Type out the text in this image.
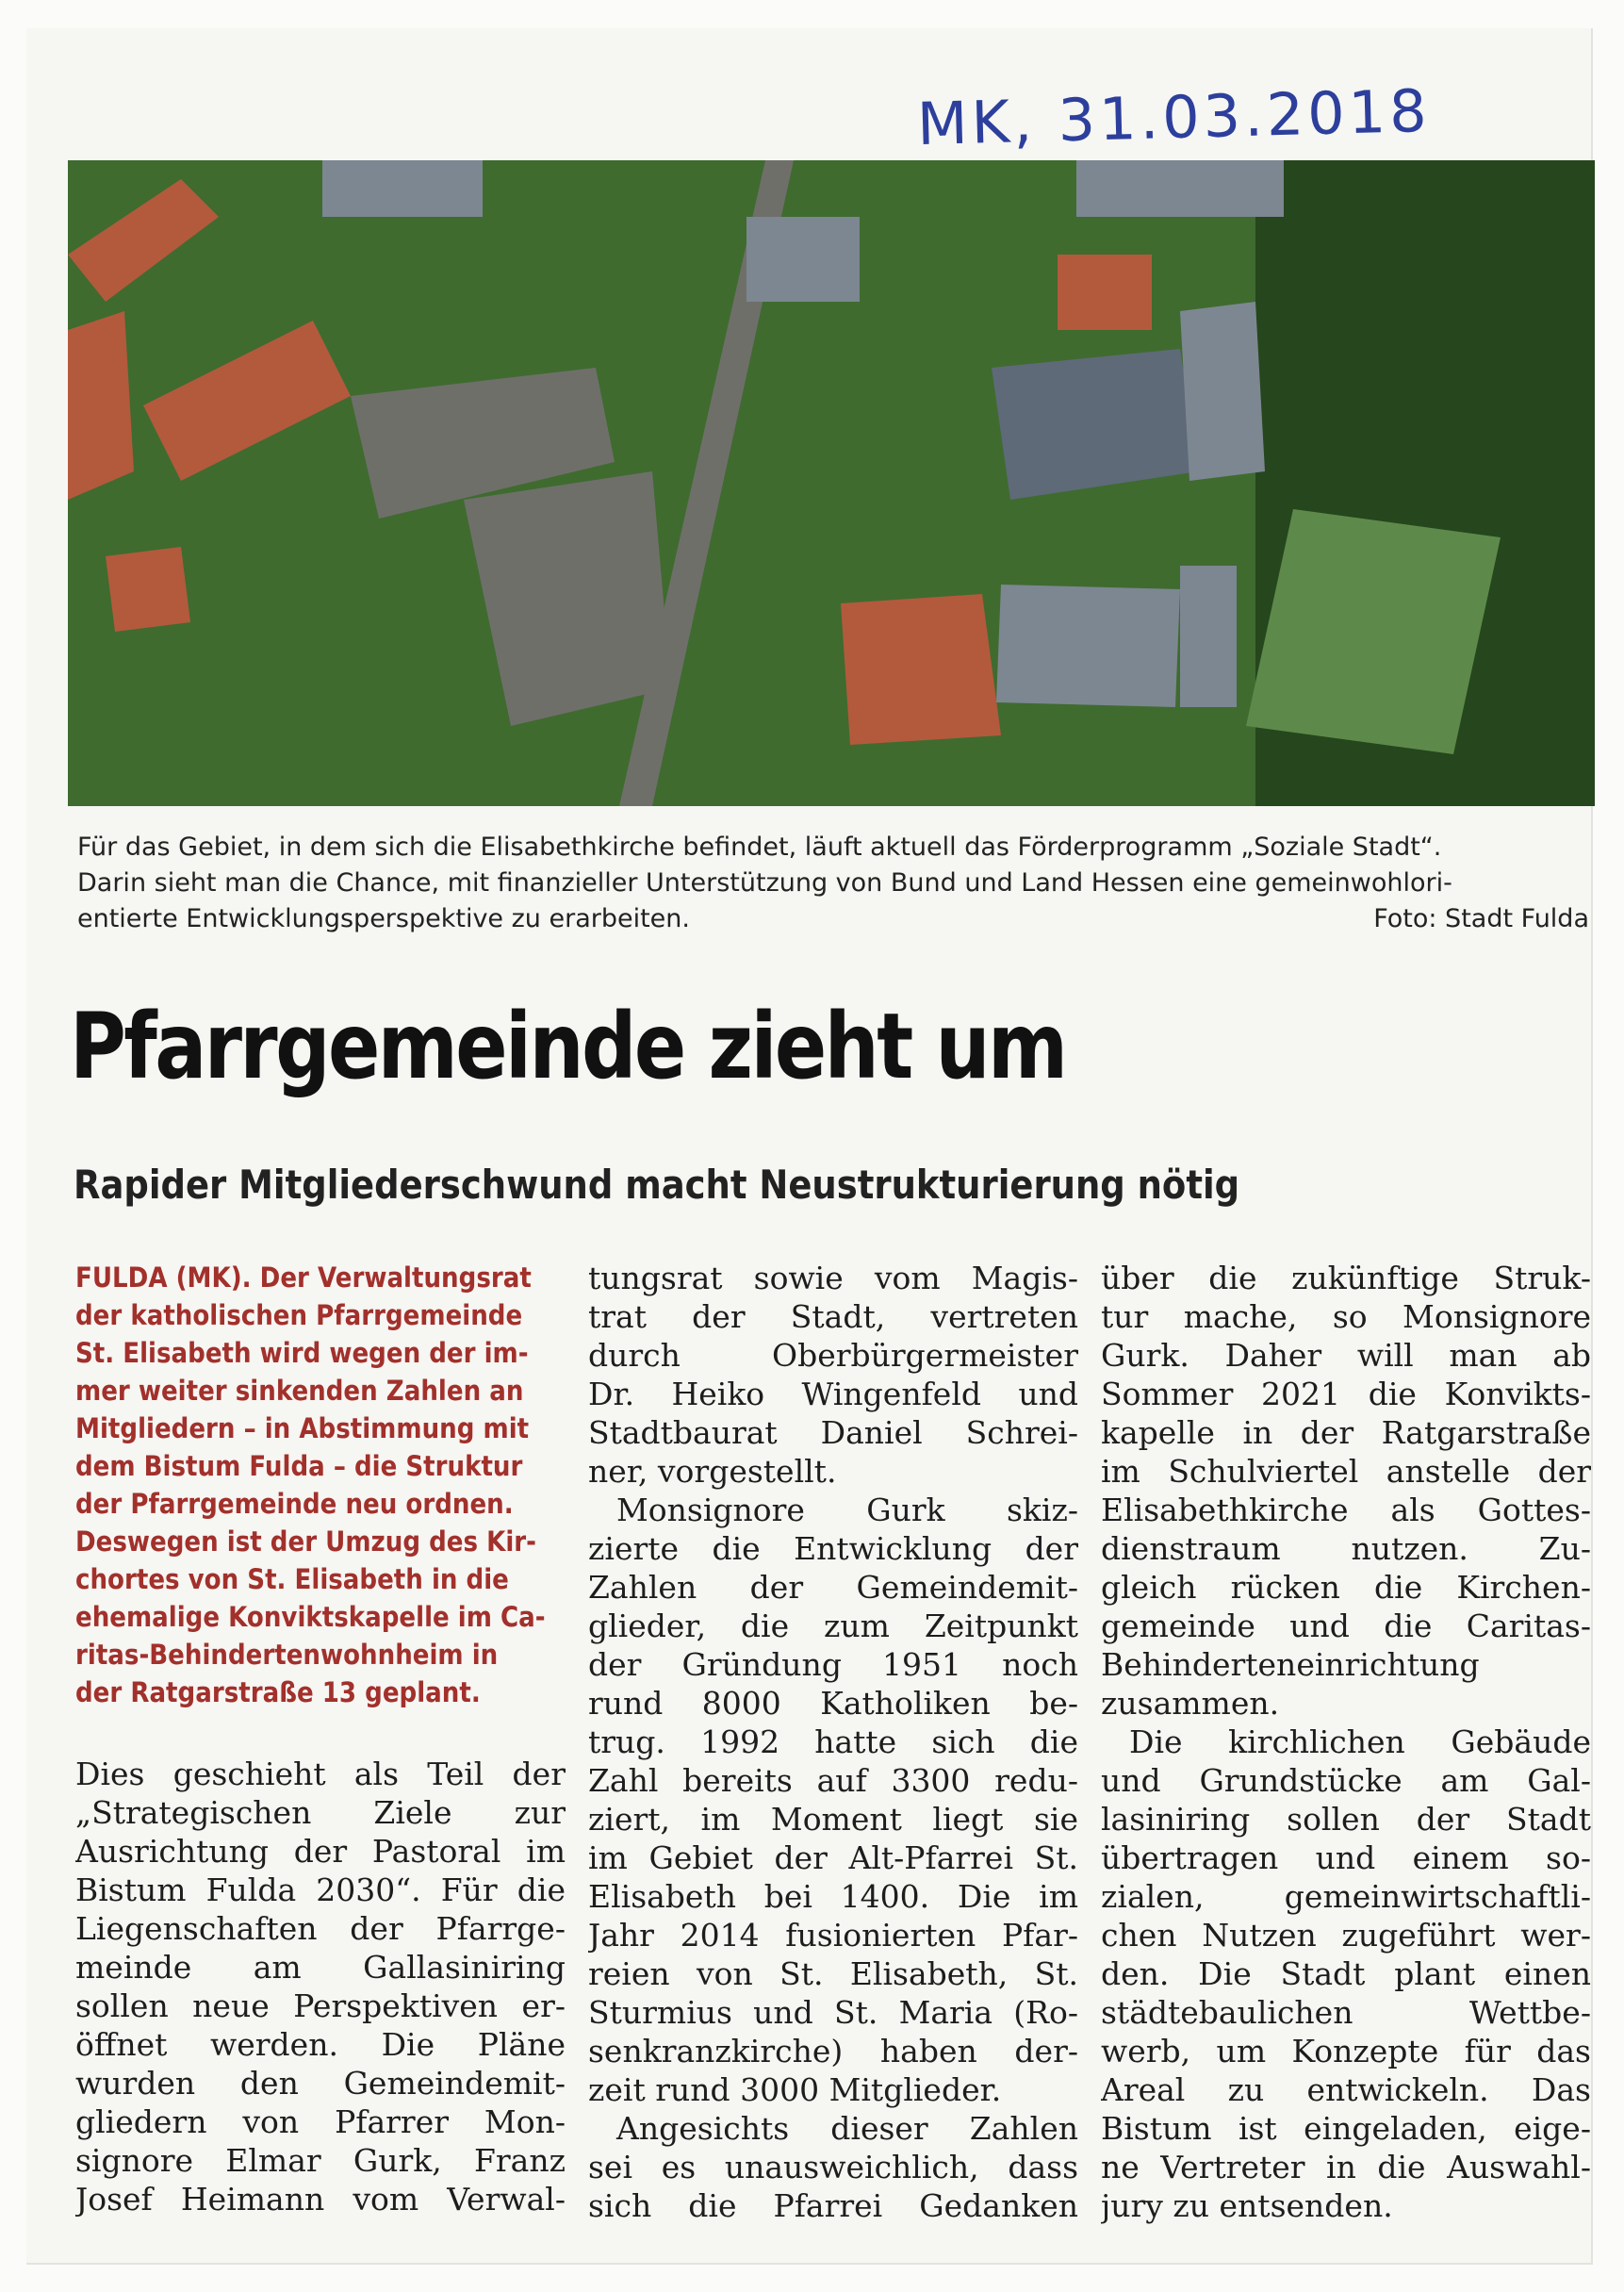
MK, 31.03.2018
Für das Gebiet, in dem sich die Elisabethkirche befindet, läuft aktuell das Förderprogramm „Soziale Stadt“.
Darin sieht man die Chance, mit finanzieller Unterstützung von Bund und Land Hessen eine gemeinwohlori-
entierte Entwicklungsperspektive zu erarbeiten.	Foto: Stadt Fulda
Pfarrgemeinde zieht um
Rapider Mitgliederschwund macht Neustrukturierung nötig
FULDA (MK). Der Verwaltungsrat
der katholischen Pfarrgemeinde
St. Elisabeth wird wegen der im-
mer weiter sinkenden Zahlen an
Mitgliedern – in Abstimmung mit
dem Bistum Fulda – die Struktur
der Pfarrgemeinde neu ordnen.
Deswegen ist der Umzug des Kir-
chortes von St. Elisabeth in die
ehemalige Konviktskapelle im Ca-
ritas-Behindertenwohnheim in
der Ratgarstraße 13 geplant.
Dies geschieht als Teil der
„Strategischen Ziele zur
Ausrichtung der Pastoral im
Bistum Fulda 2030“. Für die
Liegenschaften der Pfarrge-
meinde am Gallasiniring
sollen neue Perspektiven er-
öffnet werden. Die Pläne
wurden den Gemeindemit-
gliedern von Pfarrer Mon-
signore Elmar Gurk, Franz
Josef Heimann vom Verwal-
tungsrat sowie vom Magis-
trat der Stadt, vertreten
durch Oberbürgermeister
Dr. Heiko Wingenfeld und
Stadtbaurat Daniel Schrei-
ner, vorgestellt.
Monsignore Gurk skiz-
zierte die Entwicklung der
Zahlen der Gemeindemit-
glieder, die zum Zeitpunkt
der Gründung 1951 noch
rund 8000 Katholiken be-
trug. 1992 hatte sich die
Zahl bereits auf 3300 redu-
ziert, im Moment liegt sie
im Gebiet der Alt-Pfarrei St.
Elisabeth bei 1400. Die im
Jahr 2014 fusionierten Pfar-
reien von St. Elisabeth, St.
Sturmius und St. Maria (Ro-
senkranzkirche) haben der-
zeit rund 3000 Mitglieder.
Angesichts dieser Zahlen
sei es unausweichlich, dass
sich die Pfarrei Gedanken
über die zukünftige Struk-
tur mache, so Monsignore
Gurk. Daher will man ab
Sommer 2021 die Konvikts-
kapelle in der Ratgarstraße
im Schulviertel anstelle der
Elisabethkirche als Gottes-
dienstraum nutzen. Zu-
gleich rücken die Kirchen-
gemeinde und die Caritas-
Behinderteneinrichtung
zusammen.
Die kirchlichen Gebäude
und Grundstücke am Gal-
lasiniring sollen der Stadt
übertragen und einem so-
zialen, gemeinwirtschaftli-
chen Nutzen zugeführt wer-
den. Die Stadt plant einen
städtebaulichen Wettbe-
werb, um Konzepte für das
Areal zu entwickeln. Das
Bistum ist eingeladen, eige-
ne Vertreter in die Auswahl-
jury zu entsenden.
